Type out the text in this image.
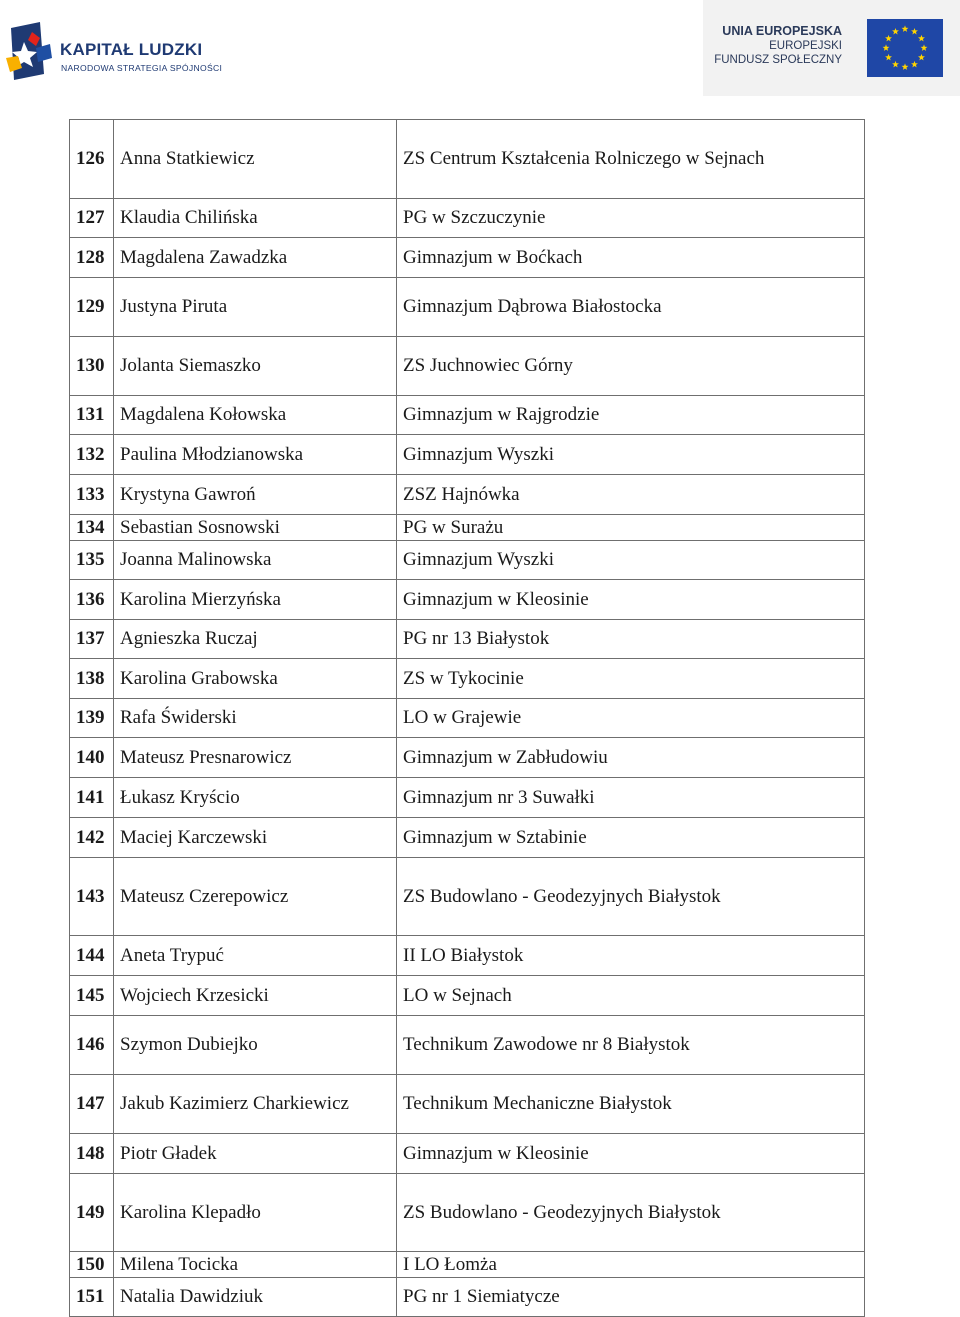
KAPITAŁ LUDZKI
NARODOWA STRATEGIA SPÓJNOŚCI
UNIA EUROPEJSKA
EUROPEJSKI
FUNDUSZ SPOŁECZNY
126	Anna Statkiewicz	ZS Centrum Kształcenia Rolniczego w Sejnach
127	Klaudia Chilińska	PG w Szczuczynie
128	Magdalena Zawadzka	Gimnazjum w Boćkach
129	Justyna Piruta	Gimnazjum Dąbrowa Białostocka
130	Jolanta Siemaszko	ZS Juchnowiec Górny
131	Magdalena Kołowska	Gimnazjum w Rajgrodzie
132	Paulina Młodzianowska	Gimnazjum Wyszki
133	Krystyna Gawroń	ZSZ Hajnówka
134	Sebastian Sosnowski	PG w Surażu
135	Joanna Malinowska	Gimnazjum Wyszki
136	Karolina Mierzyńska	Gimnazjum w Kleosinie
137	Agnieszka Ruczaj	PG nr 13 Białystok
138	Karolina Grabowska	ZS w Tykocinie
139	Rafa Świderski	LO w Grajewie
140	Mateusz Presnarowicz	Gimnazjum w Zabłudowiu
141	Łukasz Kryścio	Gimnazjum nr 3 Suwałki
142	Maciej Karczewski	Gimnazjum w Sztabinie
143	Mateusz Czerepowicz	ZS Budowlano - Geodezyjnych Białystok
144	Aneta Trypuć	II LO Białystok
145	Wojciech Krzesicki	LO w Sejnach
146	Szymon Dubiejko	Technikum Zawodowe nr 8 Białystok
147	Jakub Kazimierz Charkiewicz	Technikum Mechaniczne Białystok
148	Piotr Gładek	Gimnazjum w Kleosinie
149	Karolina Klepadło	ZS Budowlano - Geodezyjnych Białystok
150	Milena Tocicka	I LO Łomża
151	Natalia Dawidziuk	PG nr 1 Siemiatycze
